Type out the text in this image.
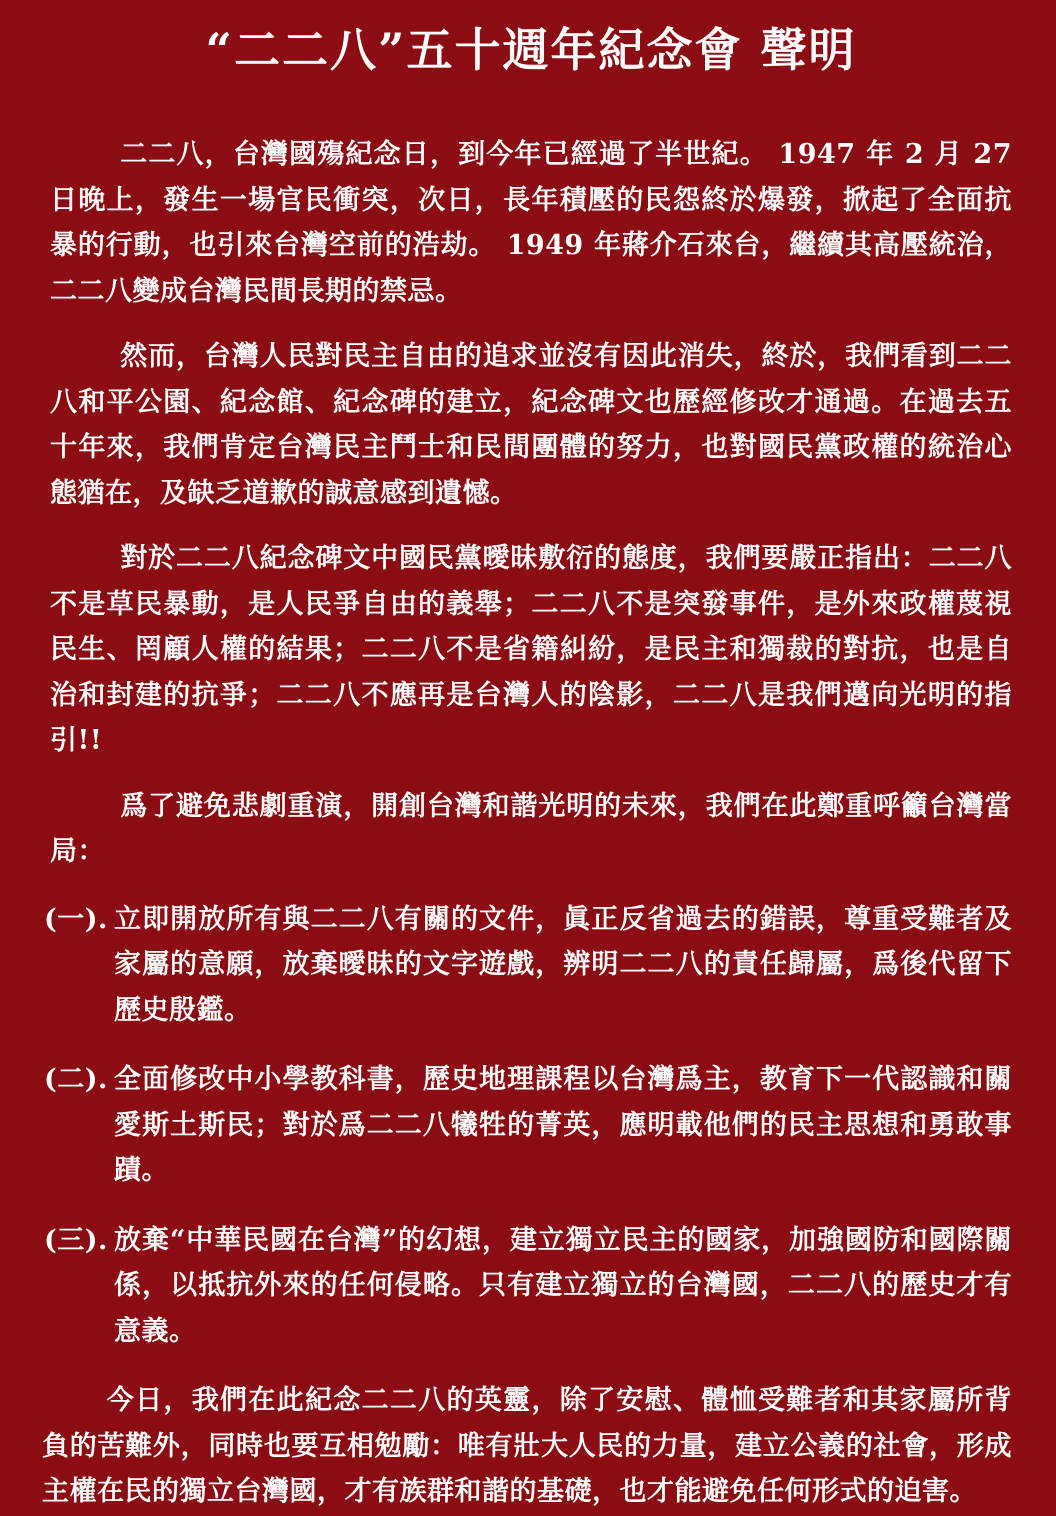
“二二八”五十週年紀念會 聲明

二二八，台灣國殤紀念日，到今年已經過了半世紀。 1947 年 2 月 27 日晚上，發生一場官民衝突，次日，長年積壓的民怨終於爆發，掀起了全面抗暴的行動，也引來台灣空前的浩劫。 1949 年蔣介石來台，繼續其高壓統治，二二八變成台灣民間長期的禁忌。

然而，台灣人民對民主自由的追求並沒有因此消失，終於，我們看到二二八和平公園、紀念館、紀念碑的建立，紀念碑文也歷經修改才通過。在過去五十年來，我們肯定台灣民主鬥士和民間團體的努力，也對國民黨政權的統治心態猶在，及缺乏道歉的誠意感到遺憾。

對於二二八紀念碑文中國民黨曖昧敷衍的態度，我們要嚴正指出：二二八不是草民暴動，是人民爭自由的義舉；二二八不是突發事件，是外來政權蔑視民生、罔顧人權的結果；二二八不是省籍糾紛，是民主和獨裁的對抗，也是自治和封建的抗爭；二二八不應再是台灣人的陰影，二二八是我們邁向光明的指引!!

爲了避免悲劇重演，開創台灣和諧光明的未來，我們在此鄭重呼籲台灣當局：

(一). 立即開放所有與二二八有關的文件，眞正反省過去的錯誤，尊重受難者及家屬的意願，放棄曖昧的文字遊戲，辨明二二八的責任歸屬，爲後代留下歷史殷鑑。
(二). 全面修改中小學教科書，歷史地理課程以台灣爲主，教育下一代認識和關愛斯土斯民；對於爲二二八犧牲的菁英，應明載他們的民主思想和勇敢事蹟。
(三). 放棄“中華民國在台灣”的幻想，建立獨立民主的國家，加強國防和國際關係，以抵抗外來的任何侵略。只有建立獨立的台灣國，二二八的歷史才有意義。

今日，我們在此紀念二二八的英靈，除了安慰、體恤受難者和其家屬所背負的苦難外，同時也要互相勉勵：唯有壯大人民的力量，建立公義的社會，形成主權在民的獨立台灣國，才有族群和諧的基礎，也才能避免任何形式的迫害。
